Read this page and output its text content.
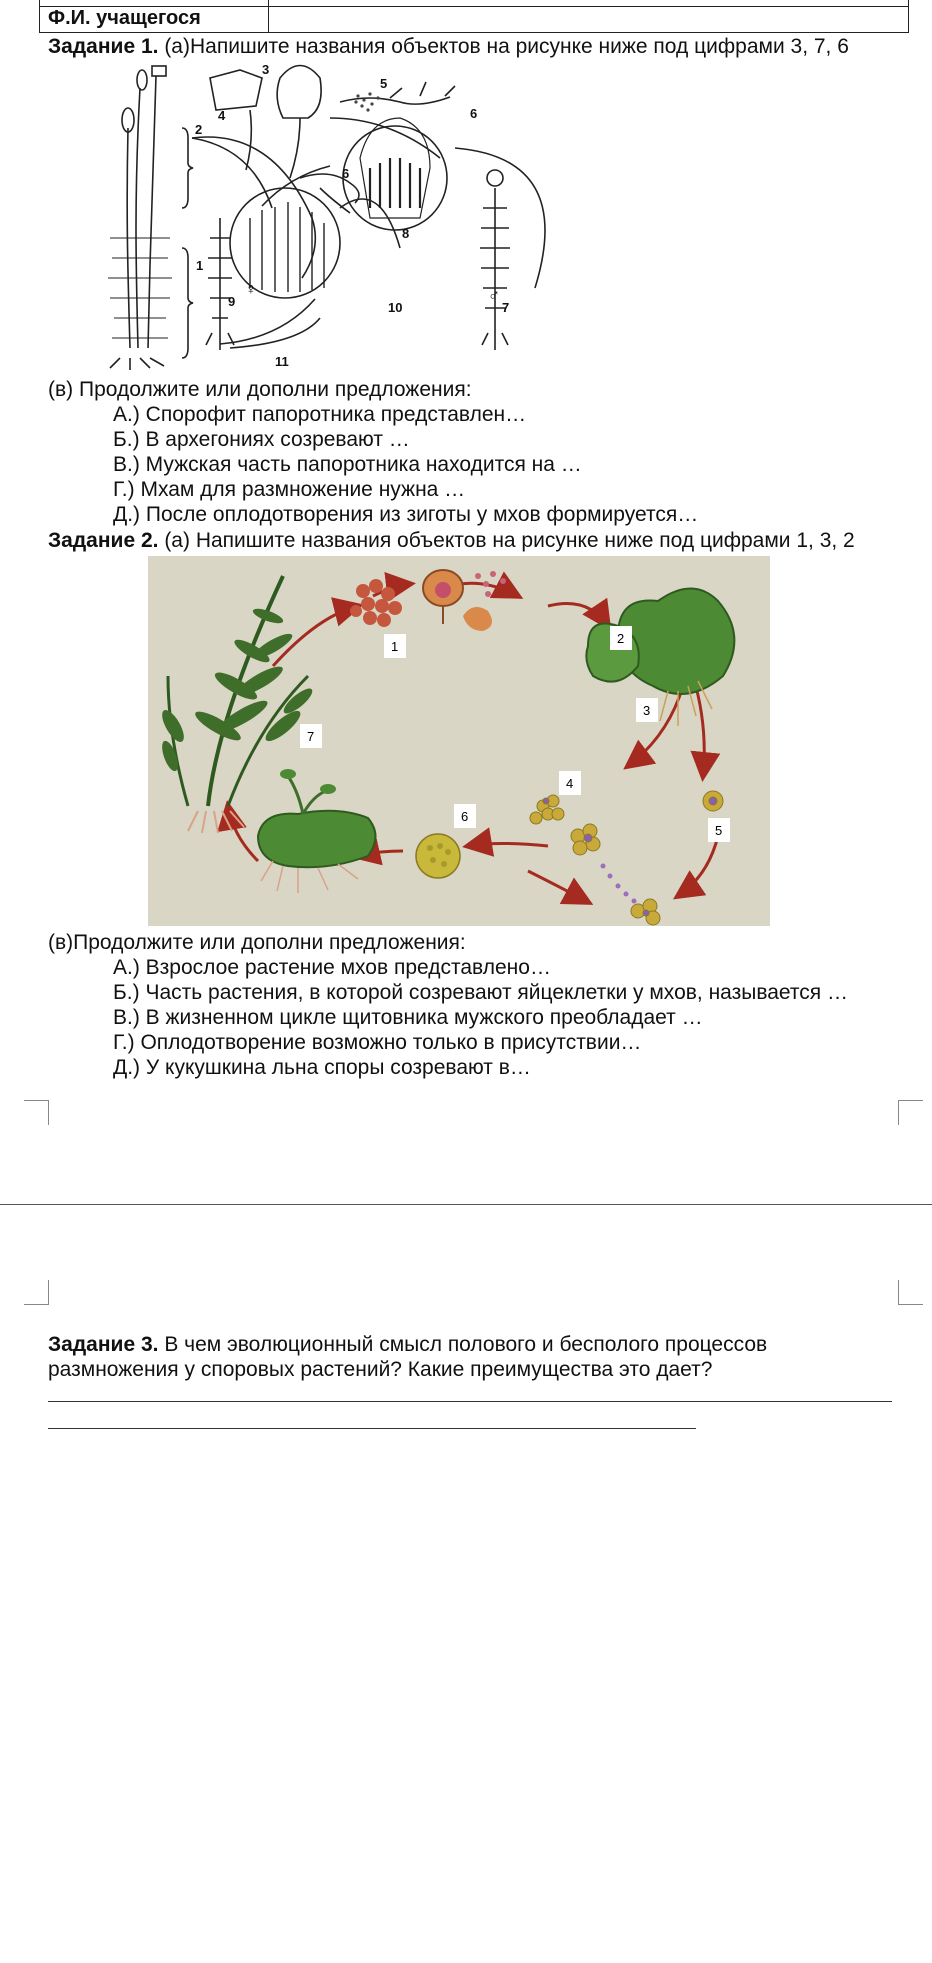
Ф.И. учащегося
Задание 1. (а)Напишите названия объектов на рисунке ниже под цифрами 3, 7, 6
3
4
5
6
2
6
8
1
9	10	7
11
♀	♂
(в) Продолжите или дополни предложения:
А.) Спорофит папоротника представлен…
Б.) В архегониях созревают …
В.) Мужская часть папоротника находится на …
Г.) Мхам для размножение нужна …
Д.) После оплодотворения из зиготы у мхов формируется…
Задание 2. (а) Напишите названия объектов на рисунке ниже под цифрами 1, 3, 2
1
2
3
4
5
6
7
(в)Продолжите или дополни предложения:
А.) Взрослое растение мхов представлено…
Б.) Часть растения, в которой созревают яйцеклетки у мхов, называется …
В.) В жизненном цикле щитовника мужского преобладает …
Г.) Оплодотворение возможно только в присутствии…
Д.) У кукушкина льна споры созревают в…
Задание 3. В чем эволюционный смысл полового и бесполого процессов
размножения у споровых растений? Какие преимущества это дает?
